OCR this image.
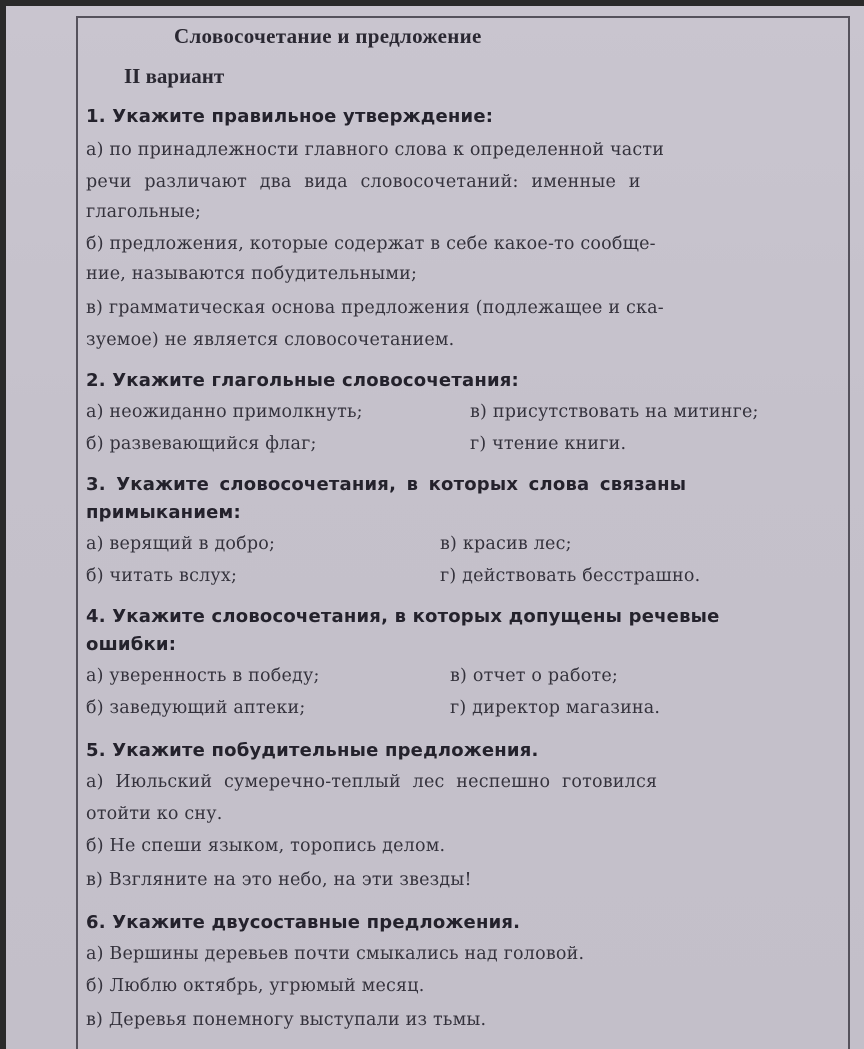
Словосочетание и предложение
II вариант
1. Укажите правильное утверждение:
а) по принадлежности главного слова к определенной части
речи различают два вида словосочетаний: именные и
глагольные;
б) предложения, которые содержат в себе какое-то сообще-
ние, называются побудительными;
в) грамматическая основа предложения (подлежащее и ска-
зуемое) не является словосочетанием.
2. Укажите глагольные словосочетания:
а) неожиданно примолкнуть;	в) присутствовать на митинге;
б) развевающийся флаг;	г) чтение книги.
3. Укажите словосочетания, в которых слова связаны
примыканием:
а) верящий в добро;	в) красив лес;
б) читать вслух;	г) действовать бесстрашно.
4. Укажите словосочетания, в которых допущены речевые
ошибки:
а) уверенность в победу;	в) отчет о работе;
б) заведующий аптеки;	г) директор магазина.
5. Укажите побудительные предложения.
а) Июльский сумеречно-теплый лес неспешно готовился
отойти ко сну.
б) Не спеши языком, торопись делом.
в) Взгляните на это небо, на эти звезды!
6. Укажите двусоставные предложения.
а) Вершины деревьев почти смыкались над головой.
б) Люблю октябрь, угрюмый месяц.
в) Деревья понемногу выступали из тьмы.
